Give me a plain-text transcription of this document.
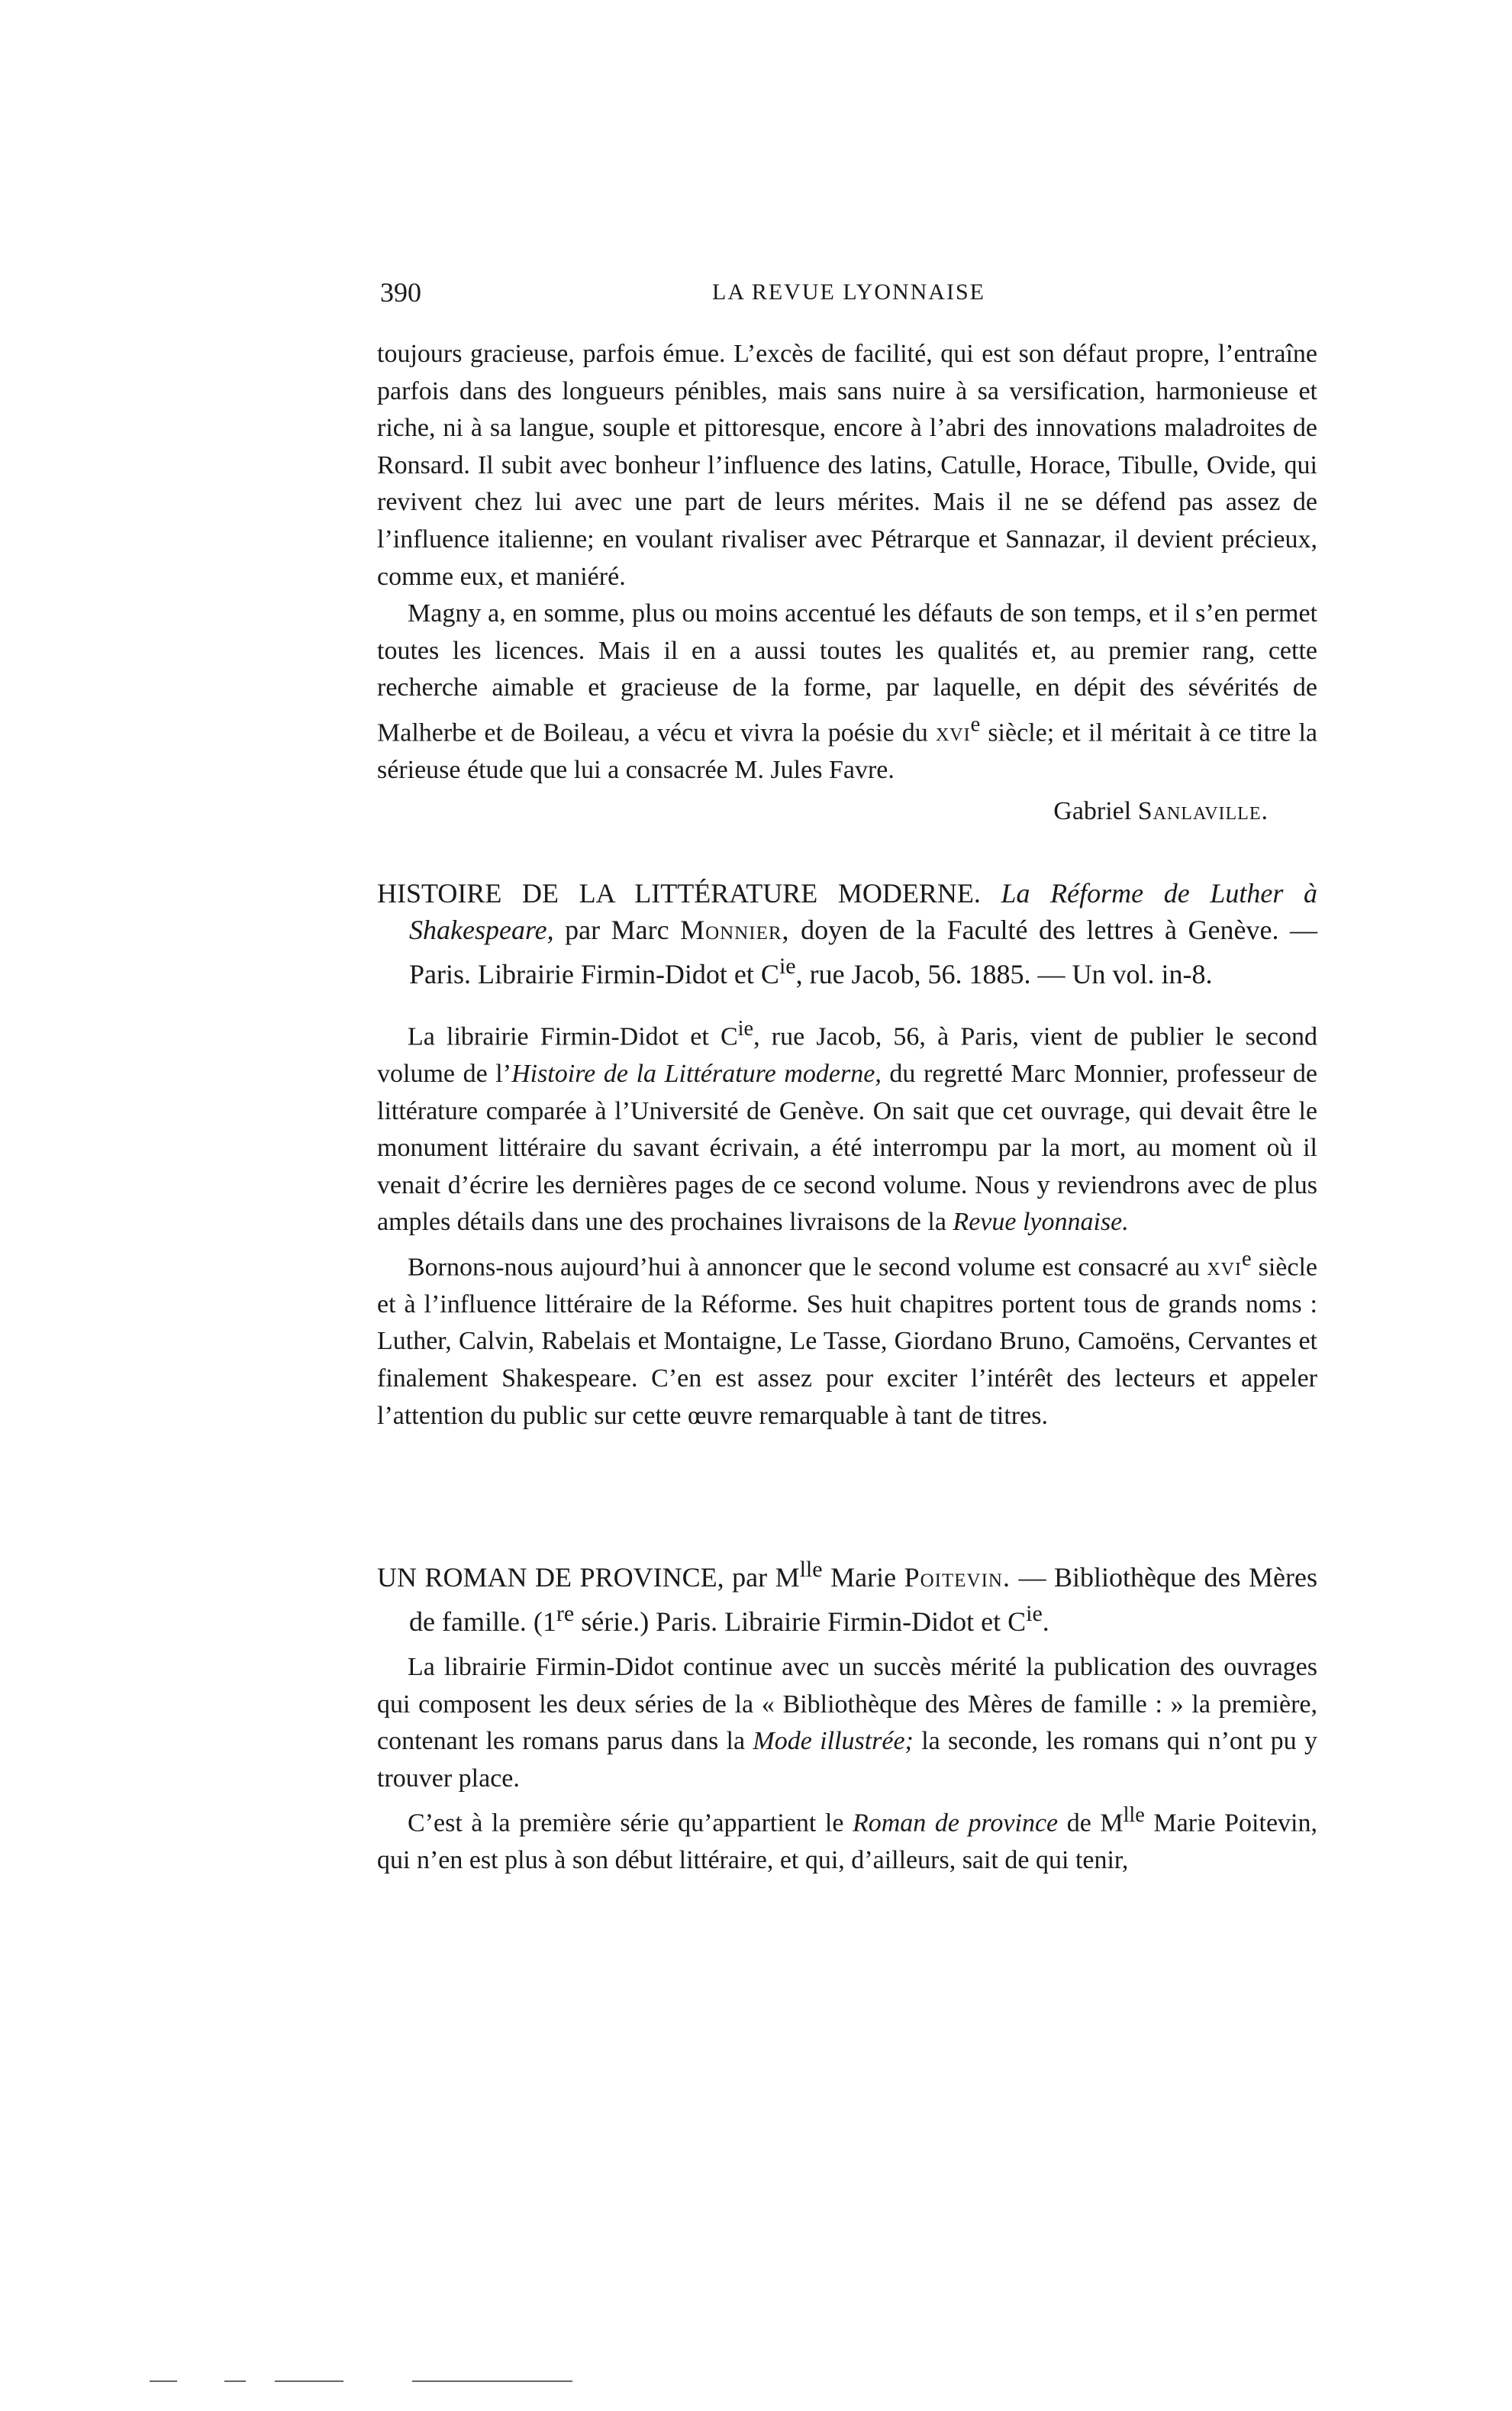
390	LA REVUE LYONNAISE

toujours gracieuse, parfois émue. L’excès de facilité, qui est son défaut propre, l’entraîne parfois dans des longueurs pénibles, mais sans nuire à sa versification, harmonieuse et riche, ni à sa langue, souple et pittoresque, encore à l’abri des innovations maladroites de Ronsard. Il subit avec bonheur l’influence des latins, Catulle, Horace, Tibulle, Ovide, qui revivent chez lui avec une part de leurs mérites. Mais il ne se défend pas assez de l’influence italienne; en voulant rivaliser avec Pétrarque et Sannazar, il devient précieux, comme eux, et maniéré.

Magny a, en somme, plus ou moins accentué les défauts de son temps, et il s’en permet toutes les licences. Mais il en a aussi toutes les qualités et, au premier rang, cette recherche aimable et gracieuse de la forme, par laquelle, en dépit des sévérités de Malherbe et de Boileau, a vécu et vivra la poésie du xvi$^e$ siècle; et il méritait à ce titre la sérieuse étude que lui a consacrée M. Jules Favre.

Gabriel Sanlaville.

HISTOIRE DE LA LITTÉRATURE MODERNE. La Réforme de Luther à Shakespeare, par Marc Monnier, doyen de la Faculté des lettres à Genève. — Paris. Librairie Firmin-Didot et $C^{ie}$, rue Jacob, 56. 1885. — Un vol. in-8.

La librairie Firmin-Didot et $C^{ie}$, rue Jacob, 56, à Paris, vient de publier le second volume de l’Histoire de la Littérature moderne, du regretté Marc Monnier, professeur de littérature comparée à l’Université de Genève. On sait que cet ouvrage, qui devait être le monument littéraire du savant écrivain, a été interrompu par la mort, au moment où il venait d’écrire les dernières pages de ce second volume. Nous y reviendrons avec de plus amples détails dans une des prochaines livraisons de la Revue lyonnaise.

Bornons-nous aujourd’hui à annoncer que le second volume est consacré au xvi$^e$ siècle et à l’influence littéraire de la Réforme. Ses huit chapitres portent tous de grands noms : Luther, Calvin, Rabelais et Montaigne, Le Tasse, Giordano Bruno, Camoëns, Cervantes et finalement Shakespeare. C’en est assez pour exciter l’intérêt des lecteurs et appeler l’attention du public sur cette œuvre remarquable à tant de titres.

UN ROMAN DE PROVINCE, par $M^{lle}$ Marie Poitevin. — Bibliothèque des Mères de famille. (1re série.) Paris. Librairie Firmin-Didot et $C^{ie}$.

La librairie Firmin-Didot continue avec un succès mérité la publication des ouvrages qui composent les deux séries de la « Bibliothèque des Mères de famille : » la première, contenant les romans parus dans la Mode illustrée; la seconde, les romans qui n’ont pu y trouver place.

C’est à la première série qu’appartient le Roman de province de $M^{lle}$ Marie Poitevin, qui n’en est plus à son début littéraire, et qui, d’ailleurs, sait de qui tenir,
